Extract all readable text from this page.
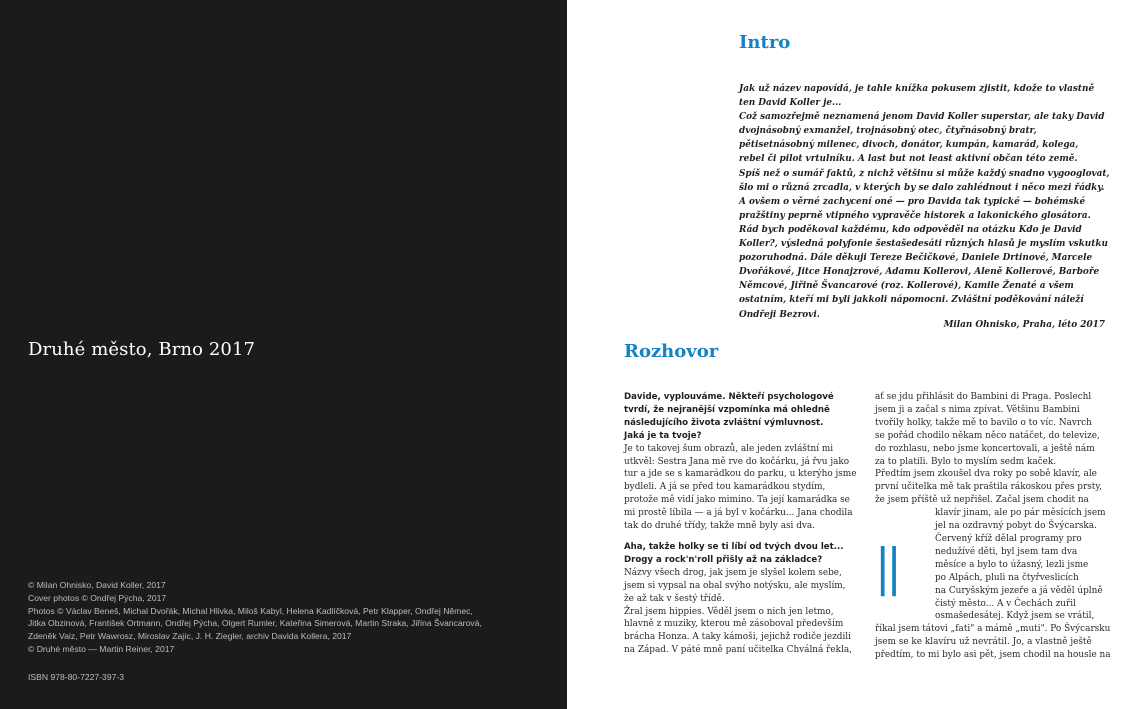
Druhé město, Brno 2017
© Milan Ohnisko, David Koller, 2017
Cover photos © Ondřej Pýcha, 2017
Photos © Václav Beneš, Michal Dvořák, Michal Hlivka, Miloš Kabyl, Helena Kadlíčková, Petr Klapper, Ondřej Němec,
Jitka Obzinová, František Ortmann, Ondřej Pýcha, Olgert Rumler, Kateřina Simerová, Martin Straka, Jiřina Švancarová,
Zdeněk Vaiz, Petr Wawrosz, Miroslav Zajíc, J. H. Ziegler, archiv Davida Kollera, 2017
© Druhé město — Martin Reiner, 2017
ISBN 978-80-7227-397-3
Intro
Jak už název napovídá, je tahle knížka pokusem zjistit, kdože to vlastně
ten David Koller je...
Což samozřejmě neznamená jenom David Koller superstar, ale taky David
dvojnásobný exmanžel, trojnásobný otec, čtyřnásobný bratr,
pětisetnásobný milenec, divoch, donátor, kumpán, kamarád, kolega,
rebel či pilot vrtulníku. A last but not least aktivní občan této země.
Spíš než o sumář faktů, z nichž většinu si může každý snadno vygooglovat,
šlo mi o různá zrcadla, v kterých by se dalo zahlédnout i něco mezi řádky.
A ovšem o věrné zachycení oné — pro Davida tak typické — bohémské
pražštiny peprně vtipného vypravěče historek a lakonického glosátora.
Rád bych poděkoval každému, kdo odpověděl na otázku Kdo je David
Koller?, výsledná polyfonie šestašedesáti různých hlasů je myslím vskutku
pozoruhodná. Dále děkuji Tereze Bečičkové, Daniele Drtinové, Marcele
Dvořákové, Jitce Honajzrové, Adamu Kollerovi, Aleně Kollerové, Barboře
Němcové, Jiřině Švancarové (roz. Kollerové), Kamile Ženaté a všem
ostatním, kteří mi byli jakkoli nápomocni. Zvláštní poděkování náleží
Ondřeji Bezrovi.
Milan Ohnisko, Praha, léto 2017
Rozhovor
Davide, vyplouváme. Někteří psychologové
tvrdí, že nejranější vzpomínka má ohledně
následujícího života zvláštní výmluvnost.
Jaká je ta tvoje?
Je to takovej šum obrazů, ale jeden zvláštní mi
utkvěl: Sestra Jana mě rve do kočárku, já řvu jako
tur a jde se s kamarádkou do parku, u kterýho jsme
bydleli. A já se před tou kamarádkou stydím,
protože mě vidí jako mimino. Ta její kamarádka se
mi prostě líbila — a já byl v kočárku... Jana chodila
tak do druhé třídy, takže mně byly asi dva.
Aha, takže holky se ti líbí od tvých dvou let...
Drogy a rock'n'roll přišly až na základce?
Názvy všech drog, jak jsem je slyšel kolem sebe,
jsem si vypsal na obal svýho notýsku, ale myslím,
že až tak v šestý třídě.
Žral jsem hippies. Věděl jsem o nich jen letmo,
hlavně z muziky, kterou mě zásoboval především
brácha Honza. A taky kámoši, jejichž rodiče jezdili
na Západ. V páté mně paní učitelka Chválná řekla,
ať se jdu přihlásit do Bambini di Praga. Poslechl
jsem ji a začal s nima zpívat. Většinu Bambini
tvořily holky, takže mě to bavilo o to víc. Navrch
se pořád chodilo někam něco natáčet, do televize,
do rozhlasu, nebo jsme koncertovali, a ještě nám
za to platili. Bylo to myslím sedm kaček.
Předtím jsem zkoušel dva roky po sobě klavír, ale
první učitelka mě tak praštila rákoskou přes prsty,
že jsem příště už nepřišel. Začal jsem chodit na
klavír jinam, ale po pár měsících jsem
jel na ozdravný pobyt do Švýcarska.
Červený kříž dělal programy pro
nedužívé děti, byl jsem tam dva
měsíce a bylo to úžasný, lezli jsme
po Alpách, pluli na čtyřveslicích
na Curyšským jezeře a já věděl úplně
čistý město... A v Čechách zuřil
osmašedesátej. Když jsem se vrátil,
říkal jsem tátovi „fati" a mámě „muti". Po Švýcarsku
jsem se ke klavíru už nevrátil. Jo, a vlastně ještě
předtím, to mi bylo asi pět, jsem chodil na housle na
ll
